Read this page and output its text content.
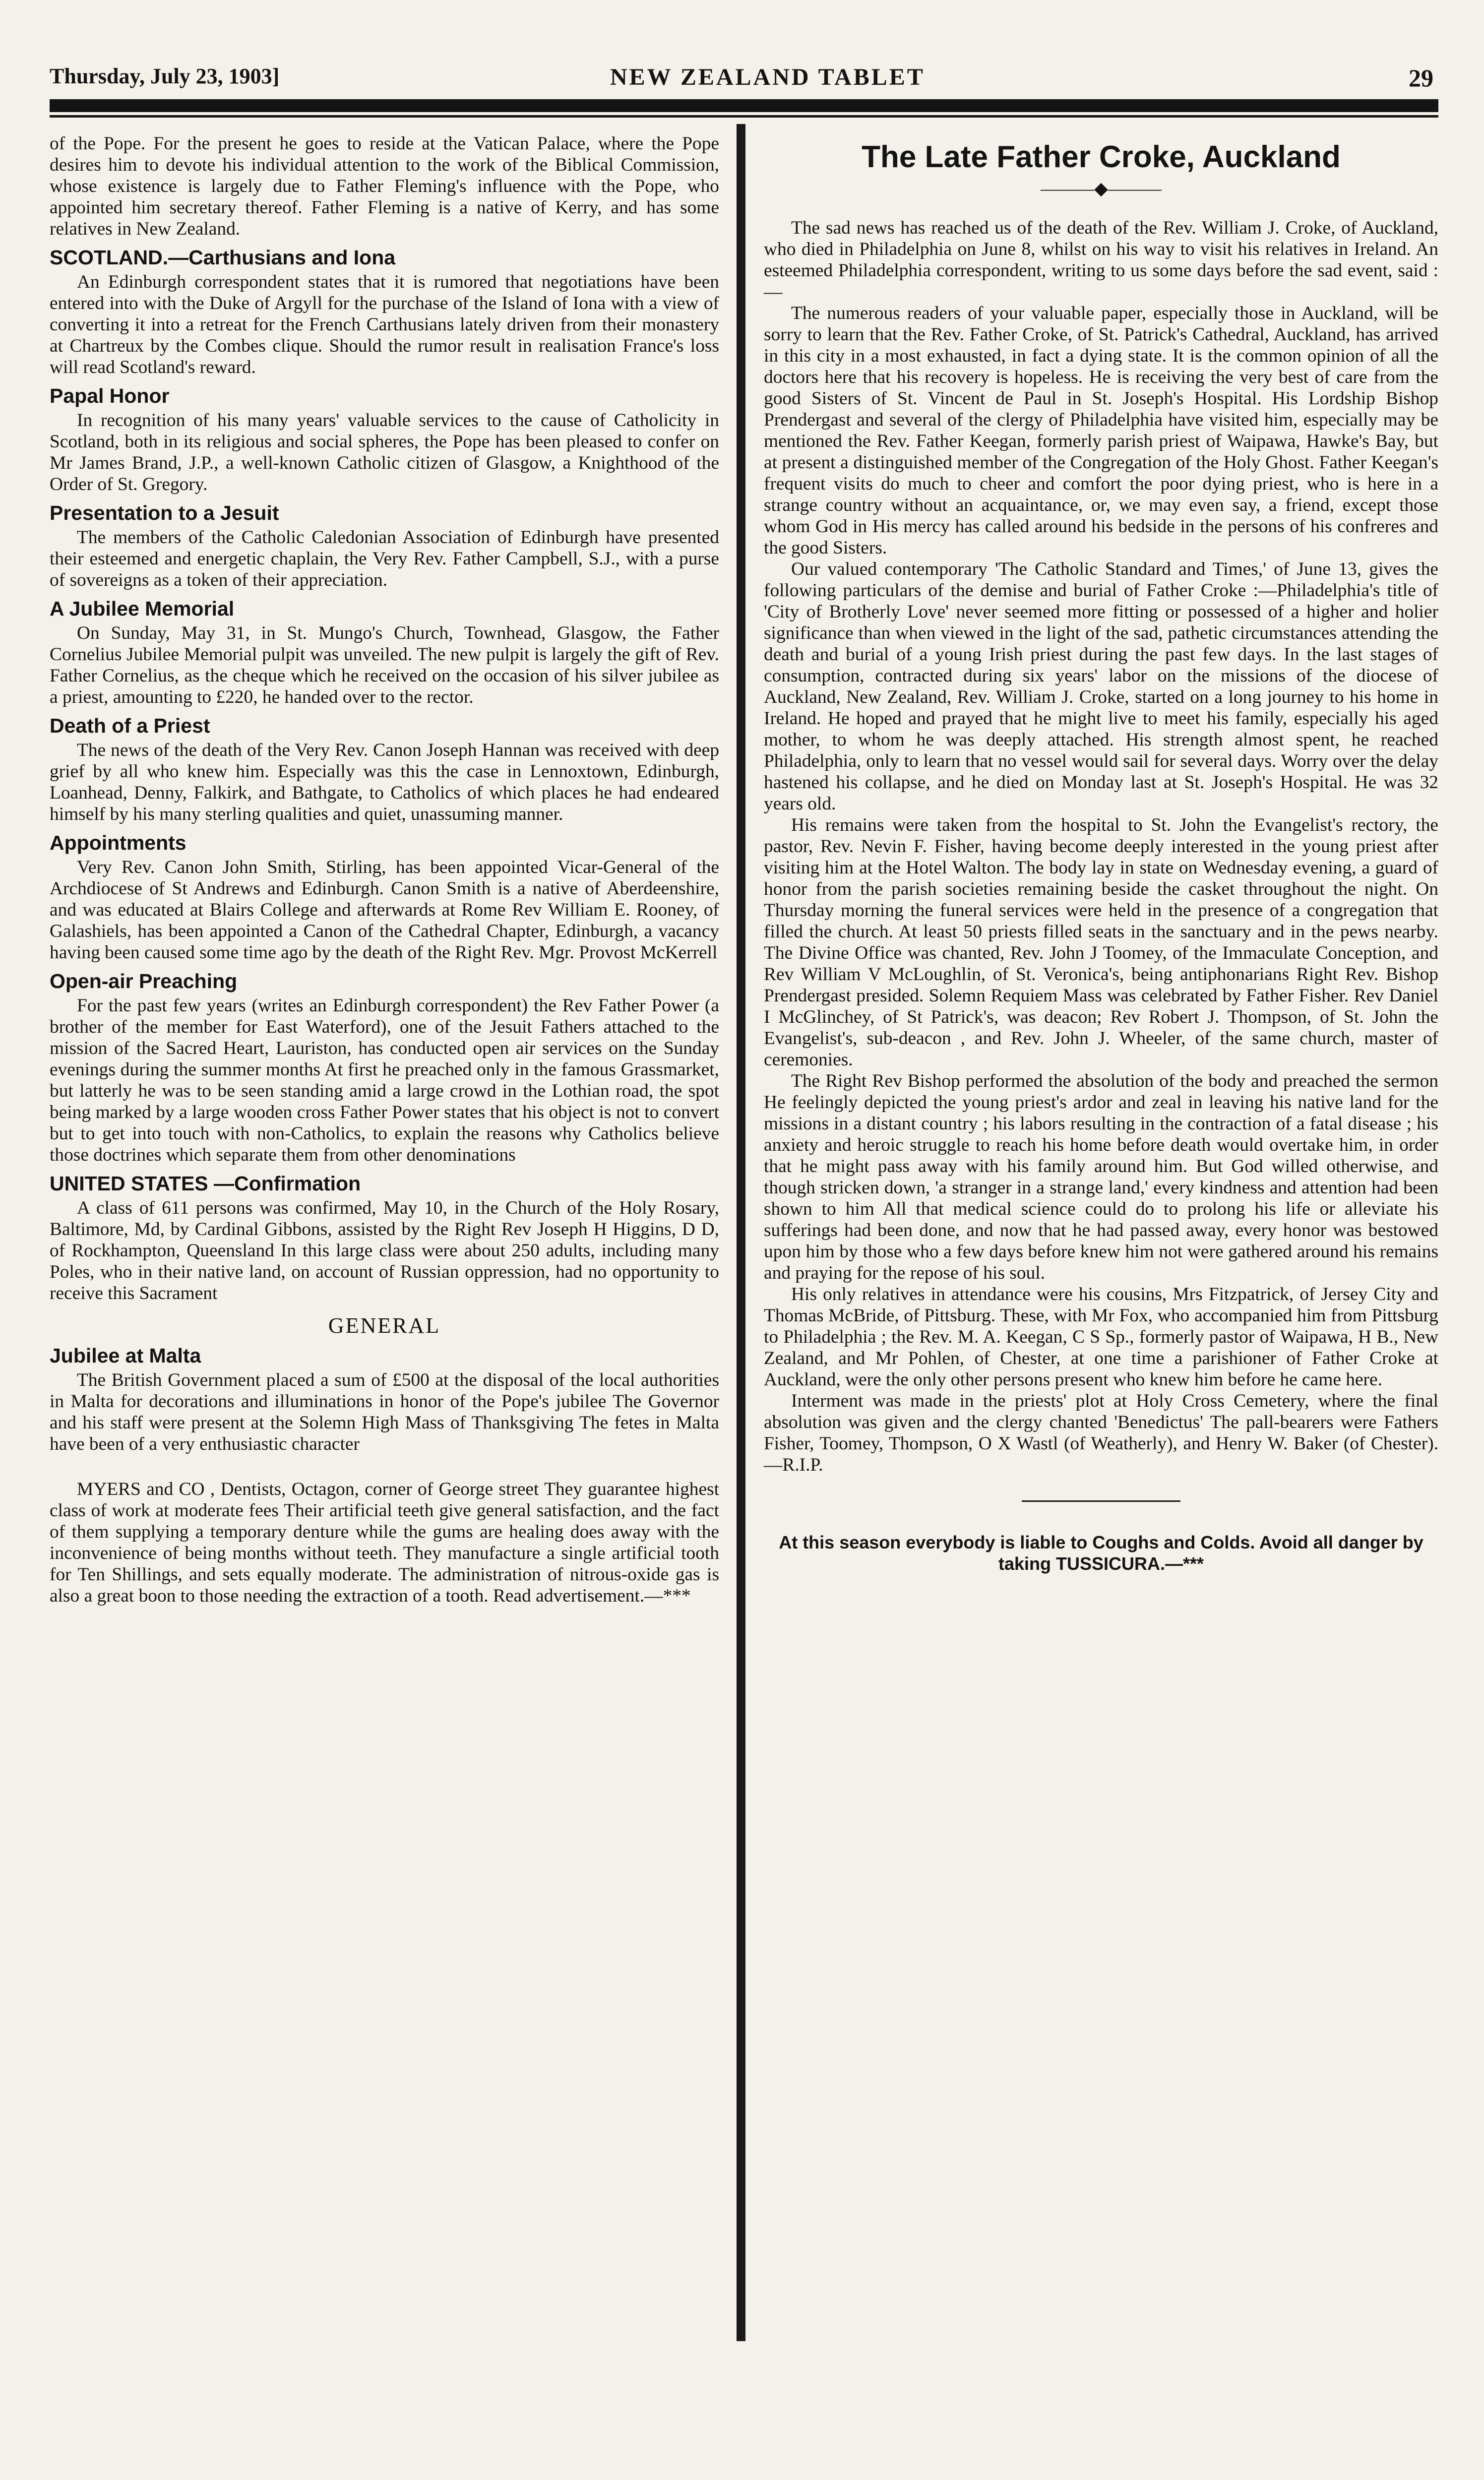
Thursday, July 23, 1903]	NEW ZEALAND TABLET	29

of the Pope. For the present he goes to reside at the Vatican Palace, where the Pope desires him to devote his individual attention to the work of the Biblical Commission, whose existence is largely due to Father Fleming's influence with the Pope, who appointed him secretary thereof. Father Fleming is a native of Kerry, and has some relatives in New Zealand.

SCOTLAND.—Carthusians and Iona

An Edinburgh correspondent states that it is rumored that negotiations have been entered into with the Duke of Argyll for the purchase of the Island of Iona with a view of converting it into a retreat for the French Carthusians lately driven from their monastery at Chartreux by the Combes clique. Should the rumor result in realisation France's loss will read Scotland's reward.

Papal Honor

In recognition of his many years' valuable services to the cause of Catholicity in Scotland, both in its religious and social spheres, the Pope has been pleased to confer on Mr James Brand, J.P., a well-known Catholic citizen of Glasgow, a Knighthood of the Order of St. Gregory.

Presentation to a Jesuit

The members of the Catholic Caledonian Association of Edinburgh have presented their esteemed and energetic chaplain, the Very Rev. Father Campbell, S.J., with a purse of sovereigns as a token of their appreciation.

A Jubilee Memorial

On Sunday, May 31, in St. Mungo's Church, Townhead, Glasgow, the Father Cornelius Jubilee Memorial pulpit was unveiled. The new pulpit is largely the gift of Rev. Father Cornelius, as the cheque which he received on the occasion of his silver jubilee as a priest, amounting to £220, he handed over to the rector.

Death of a Priest

The news of the death of the Very Rev. Canon Joseph Hannan was received with deep grief by all who knew him. Especially was this the case in Lennoxtown, Edinburgh, Loanhead, Denny, Falkirk, and Bathgate, to Catholics of which places he had endeared himself by his many sterling qualities and quiet, unassuming manner.

Appointments

Very Rev. Canon John Smith, Stirling, has been appointed Vicar-General of the Archdiocese of St Andrews and Edinburgh. Canon Smith is a native of Aberdeenshire, and was educated at Blairs College and afterwards at Rome Rev William E. Rooney, of Galashiels, has been appointed a Canon of the Cathedral Chapter, Edinburgh, a vacancy having been caused some time ago by the death of the Right Rev. Mgr. Provost McKerrell

Open-air Preaching

For the past few years (writes an Edinburgh correspondent) the Rev Father Power (a brother of the member for East Waterford), one of the Jesuit Fathers attached to the mission of the Sacred Heart, Lauriston, has conducted open air services on the Sunday evenings during the summer months At first he preached only in the famous Grassmarket, but latterly he was to be seen standing amid a large crowd in the Lothian road, the spot being marked by a large wooden cross Father Power states that his object is not to convert but to get into touch with non-Catholics, to explain the reasons why Catholics believe those doctrines which separate them from other denominations

UNITED STATES —Confirmation

A class of 611 persons was confirmed, May 10, in the Church of the Holy Rosary, Baltimore, Md, by Cardinal Gibbons, assisted by the Right Rev Joseph H Higgins, D D, of Rockhampton, Queensland In this large class were about 250 adults, including many Poles, who in their native land, on account of Russian oppression, had no opportunity to receive this Sacrament

GENERAL
Jubilee at Malta

The British Government placed a sum of £500 at the disposal of the local authorities in Malta for decorations and illuminations in honor of the Pope's jubilee The Governor and his staff were present at the Solemn High Mass of Thanksgiving The fetes in Malta have been of a very enthusiastic character

MYERS and CO , Dentists, Octagon, corner of George street They guarantee highest class of work at moderate fees Their artificial teeth give general satisfaction, and the fact of them supplying a temporary denture while the gums are healing does away with the inconvenience of being months without teeth. They manufacture a single artificial tooth for Ten Shillings, and sets equally moderate. The administration of nitrous-oxide gas is also a great boon to those needing the extraction of a tooth. Read advertisement.—***

The Late Father Croke, Auckland
———◆———

The sad news has reached us of the death of the Rev. William J. Croke, of Auckland, who died in Philadelphia on June 8, whilst on his way to visit his relatives in Ireland. An esteemed Philadelphia correspondent, writing to us some days before the sad event, said :—

The numerous readers of your valuable paper, especially those in Auckland, will be sorry to learn that the Rev. Father Croke, of St. Patrick's Cathedral, Auckland, has arrived in this city in a most exhausted, in fact a dying state. It is the common opinion of all the doctors here that his recovery is hopeless. He is receiving the very best of care from the good Sisters of St. Vincent de Paul in St. Joseph's Hospital. His Lordship Bishop Prendergast and several of the clergy of Philadelphia have visited him, especially may be mentioned the Rev. Father Keegan, formerly parish priest of Waipawa, Hawke's Bay, but at present a distinguished member of the Congregation of the Holy Ghost. Father Keegan's frequent visits do much to cheer and comfort the poor dying priest, who is here in a strange country without an acquaintance, or, we may even say, a friend, except those whom God in His mercy has called around his bedside in the persons of his confreres and the good Sisters.

Our valued contemporary 'The Catholic Standard and Times,' of June 13, gives the following particulars of the demise and burial of Father Croke :—Philadelphia's title of 'City of Brotherly Love' never seemed more fitting or possessed of a higher and holier significance than when viewed in the light of the sad, pathetic circumstances attending the death and burial of a young Irish priest during the past few days. In the last stages of consumption, contracted during six years' labor on the missions of the diocese of Auckland, New Zealand, Rev. William J. Croke, started on a long journey to his home in Ireland. He hoped and prayed that he might live to meet his family, especially his aged mother, to whom he was deeply attached. His strength almost spent, he reached Philadelphia, only to learn that no vessel would sail for several days. Worry over the delay hastened his collapse, and he died on Monday last at St. Joseph's Hospital. He was 32 years old.

His remains were taken from the hospital to St. John the Evangelist's rectory, the pastor, Rev. Nevin F. Fisher, having become deeply interested in the young priest after visiting him at the Hotel Walton. The body lay in state on Wednesday evening, a guard of honor from the parish societies remaining beside the casket throughout the night. On Thursday morning the funeral services were held in the presence of a congregation that filled the church. At least 50 priests filled seats in the sanctuary and in the pews nearby. The Divine Office was chanted, Rev. John J Toomey, of the Immaculate Conception, and Rev William V McLoughlin, of St. Veronica's, being antiphonarians Right Rev. Bishop Prendergast presided. Solemn Requiem Mass was celebrated by Father Fisher. Rev Daniel I McGlinchey, of St Patrick's, was deacon; Rev Robert J. Thompson, of St. John the Evangelist's, sub-deacon , and Rev. John J. Wheeler, of the same church, master of ceremonies.

The Right Rev Bishop performed the absolution of the body and preached the sermon He feelingly depicted the young priest's ardor and zeal in leaving his native land for the missions in a distant country ; his labors resulting in the contraction of a fatal disease ; his anxiety and heroic struggle to reach his home before death would overtake him, in order that he might pass away with his family around him. But God willed otherwise, and though stricken down, 'a stranger in a strange land,' every kindness and attention had been shown to him All that medical science could do to prolong his life or alleviate his sufferings had been done, and now that he had passed away, every honor was bestowed upon him by those who a few days before knew him not were gathered around his remains and praying for the repose of his soul.

His only relatives in attendance were his cousins, Mrs Fitzpatrick, of Jersey City and Thomas McBride, of Pittsburg. These, with Mr Fox, who accompanied him from Pittsburg to Philadelphia ; the Rev. M. A. Keegan, C S Sp., formerly pastor of Waipawa, H B., New Zealand, and Mr Pohlen, of Chester, at one time a parishioner of Father Croke at Auckland, were the only other persons present who knew him before he came here.

Interment was made in the priests' plot at Holy Cross Cemetery, where the final absolution was given and the clergy chanted 'Benedictus' The pall-bearers were Fathers Fisher, Toomey, Thompson, O X Wastl (of Weatherly), and Henry W. Baker (of Chester).—R.I.P.

At this season everybody is liable to Coughs and Colds. Avoid all danger by taking TUSSICURA.—***
